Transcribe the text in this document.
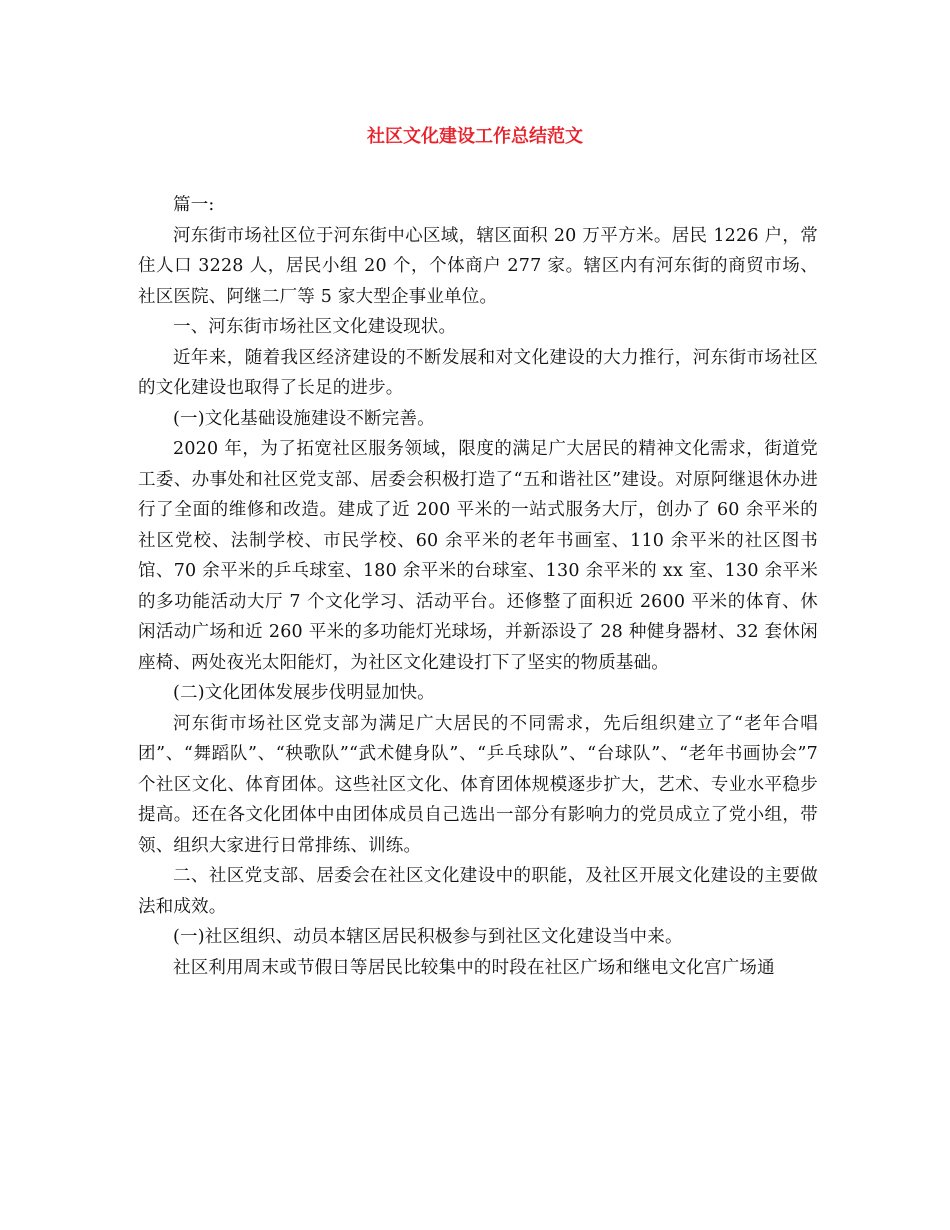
社区文化建设工作总结范文

篇一:

河东街市场社区位于河东街中心区域，辖区面积 20 万平方米。居民 1226 户，常住人口 3228 人，居民小组 20 个，个体商户 277 家。辖区内有河东街的商贸市场、社区医院、阿继二厂等 5 家大型企事业单位。

一、河东街市场社区文化建设现状。

近年来，随着我区经济建设的不断发展和对文化建设的大力推行，河东街市场社区的文化建设也取得了长足的进步。

(一)文化基础设施建设不断完善。

2020 年，为了拓宽社区服务领域，限度的满足广大居民的精神文化需求，街道党工委、办事处和社区党支部、居委会积极打造了“五和谐社区”建设。对原阿继退休办进行了全面的维修和改造。建成了近 200 平米的一站式服务大厅，创办了 60 余平米的社区党校、法制学校、市民学校、60 余平米的老年书画室、110 余平米的社区图书馆、70 余平米的乒乓球室、180 余平米的台球室、130 余平米的 xx 室、130 余平米的多功能活动大厅 7 个文化学习、活动平台。还修整了面积近 2600 平米的体育、休闲活动广场和近 260 平米的多功能灯光球场，并新添设了 28 种健身器材、32 套休闲座椅、两处夜光太阳能灯，为社区文化建设打下了坚实的物质基础。

(二)文化团体发展步伐明显加快。

河东街市场社区党支部为满足广大居民的不同需求，先后组织建立了“老年合唱团”、“舞蹈队”、“秧歌队”“武术健身队”、“乒乓球队”、“台球队”、“老年书画协会”7 个社区文化、体育团体。这些社区文化、体育团体规模逐步扩大，艺术、专业水平稳步提高。还在各文化团体中由团体成员自己选出一部分有影响力的党员成立了党小组，带领、组织大家进行日常排练、训练。

二、社区党支部、居委会在社区文化建设中的职能，及社区开展文化建设的主要做法和成效。

(一)社区组织、动员本辖区居民积极参与到社区文化建设当中来。

社区利用周末或节假日等居民比较集中的时段在社区广场和继电文化宫广场通
